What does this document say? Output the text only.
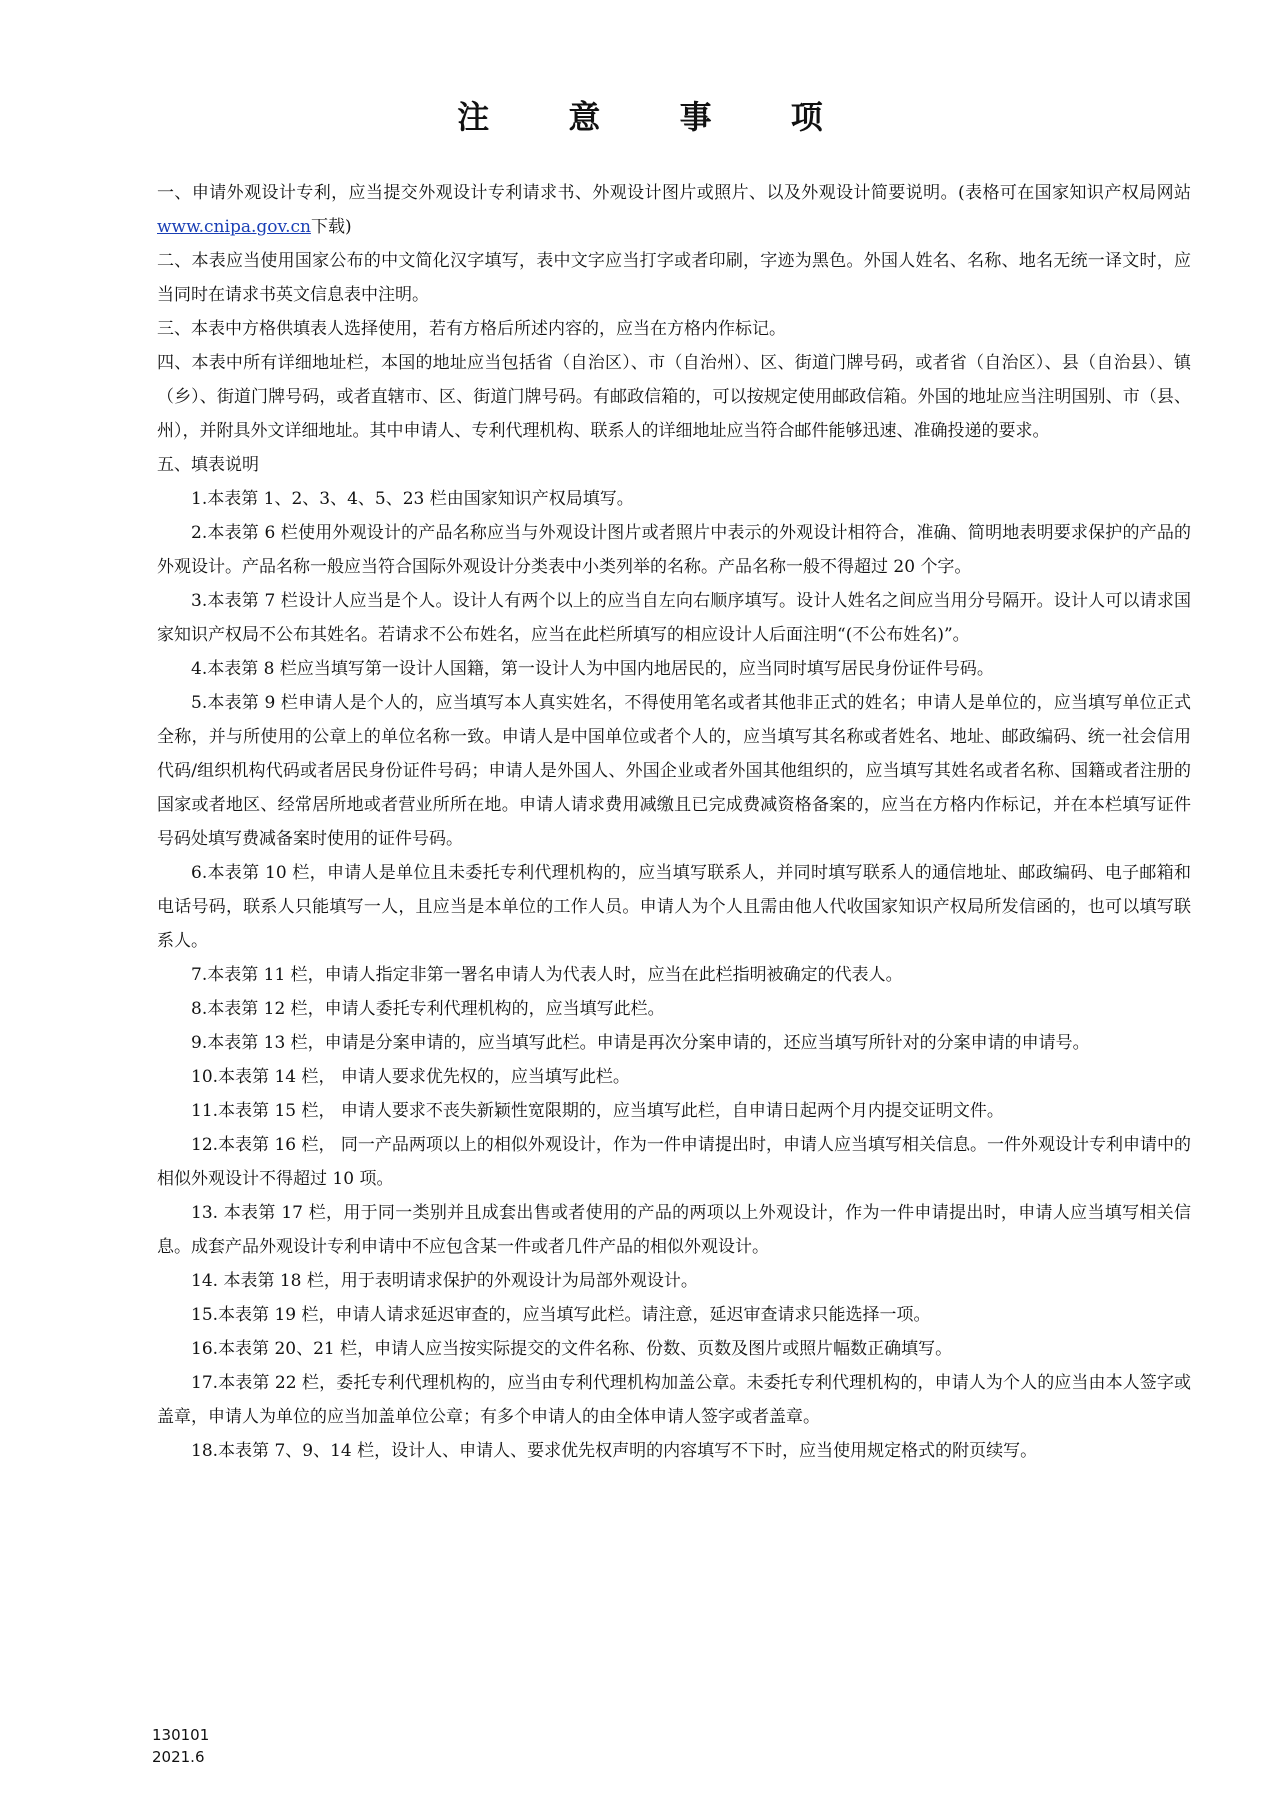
注 意 事 项

一、申请外观设计专利，应当提交外观设计专利请求书、外观设计图片或照片、以及外观设计简要说明。(表格可在国家知识产权局网站www.cnipa.gov.cn下载)

二、本表应当使用国家公布的中文简化汉字填写，表中文字应当打字或者印刷，字迹为黑色。外国人姓名、名称、地名无统一译文时，应当同时在请求书英文信息表中注明。

三、本表中方格供填表人选择使用，若有方格后所述内容的，应当在方格内作标记。

四、本表中所有详细地址栏，本国的地址应当包括省（自治区）、市（自治州）、区、街道门牌号码，或者省（自治区）、县（自治县）、镇（乡）、街道门牌号码，或者直辖市、区、街道门牌号码。有邮政信箱的，可以按规定使用邮政信箱。外国的地址应当注明国别、市（县、州），并附具外文详细地址。其中申请人、专利代理机构、联系人的详细地址应当符合邮件能够迅速、准确投递的要求。

五、填表说明

1.本表第 1、2、3、4、5、23 栏由国家知识产权局填写。

2.本表第 6 栏使用外观设计的产品名称应当与外观设计图片或者照片中表示的外观设计相符合，准确、简明地表明要求保护的产品的外观设计。产品名称一般应当符合国际外观设计分类表中小类列举的名称。产品名称一般不得超过 20 个字。

3.本表第 7 栏设计人应当是个人。设计人有两个以上的应当自左向右顺序填写。设计人姓名之间应当用分号隔开。设计人可以请求国家知识产权局不公布其姓名。若请求不公布姓名，应当在此栏所填写的相应设计人后面注明“(不公布姓名)”。

4.本表第 8 栏应当填写第一设计人国籍，第一设计人为中国内地居民的，应当同时填写居民身份证件号码。

5.本表第 9 栏申请人是个人的，应当填写本人真实姓名，不得使用笔名或者其他非正式的姓名；申请人是单位的，应当填写单位正式全称，并与所使用的公章上的单位名称一致。申请人是中国单位或者个人的，应当填写其名称或者姓名、地址、邮政编码、统一社会信用代码/组织机构代码或者居民身份证件号码；申请人是外国人、外国企业或者外国其他组织的，应当填写其姓名或者名称、国籍或者注册的国家或者地区、经常居所地或者营业所所在地。申请人请求费用减缴且已完成费减资格备案的，应当在方格内作标记，并在本栏填写证件号码处填写费减备案时使用的证件号码。

6.本表第 10 栏，申请人是单位且未委托专利代理机构的，应当填写联系人，并同时填写联系人的通信地址、邮政编码、电子邮箱和电话号码，联系人只能填写一人，且应当是本单位的工作人员。申请人为个人且需由他人代收国家知识产权局所发信函的，也可以填写联系人。

7.本表第 11 栏，申请人指定非第一署名申请人为代表人时，应当在此栏指明被确定的代表人。

8.本表第 12 栏，申请人委托专利代理机构的，应当填写此栏。

9.本表第 13 栏，申请是分案申请的，应当填写此栏。申请是再次分案申请的，还应当填写所针对的分案申请的申请号。

10.本表第 14 栏， 申请人要求优先权的，应当填写此栏。

11.本表第 15 栏， 申请人要求不丧失新颖性宽限期的，应当填写此栏，自申请日起两个月内提交证明文件。

12.本表第 16 栏， 同一产品两项以上的相似外观设计，作为一件申请提出时，申请人应当填写相关信息。一件外观设计专利申请中的相似外观设计不得超过 10 项。

13. 本表第 17 栏，用于同一类别并且成套出售或者使用的产品的两项以上外观设计，作为一件申请提出时，申请人应当填写相关信息。成套产品外观设计专利申请中不应包含某一件或者几件产品的相似外观设计。

14. 本表第 18 栏，用于表明请求保护的外观设计为局部外观设计。

15.本表第 19 栏，申请人请求延迟审查的，应当填写此栏。请注意，延迟审查请求只能选择一项。

16.本表第 20、21 栏，申请人应当按实际提交的文件名称、份数、页数及图片或照片幅数正确填写。

17.本表第 22 栏，委托专利代理机构的，应当由专利代理机构加盖公章。未委托专利代理机构的，申请人为个人的应当由本人签字或盖章，申请人为单位的应当加盖单位公章；有多个申请人的由全体申请人签字或者盖章。

18.本表第 7、9、14 栏，设计人、申请人、要求优先权声明的内容填写不下时，应当使用规定格式的附页续写。

130101
2021.6
